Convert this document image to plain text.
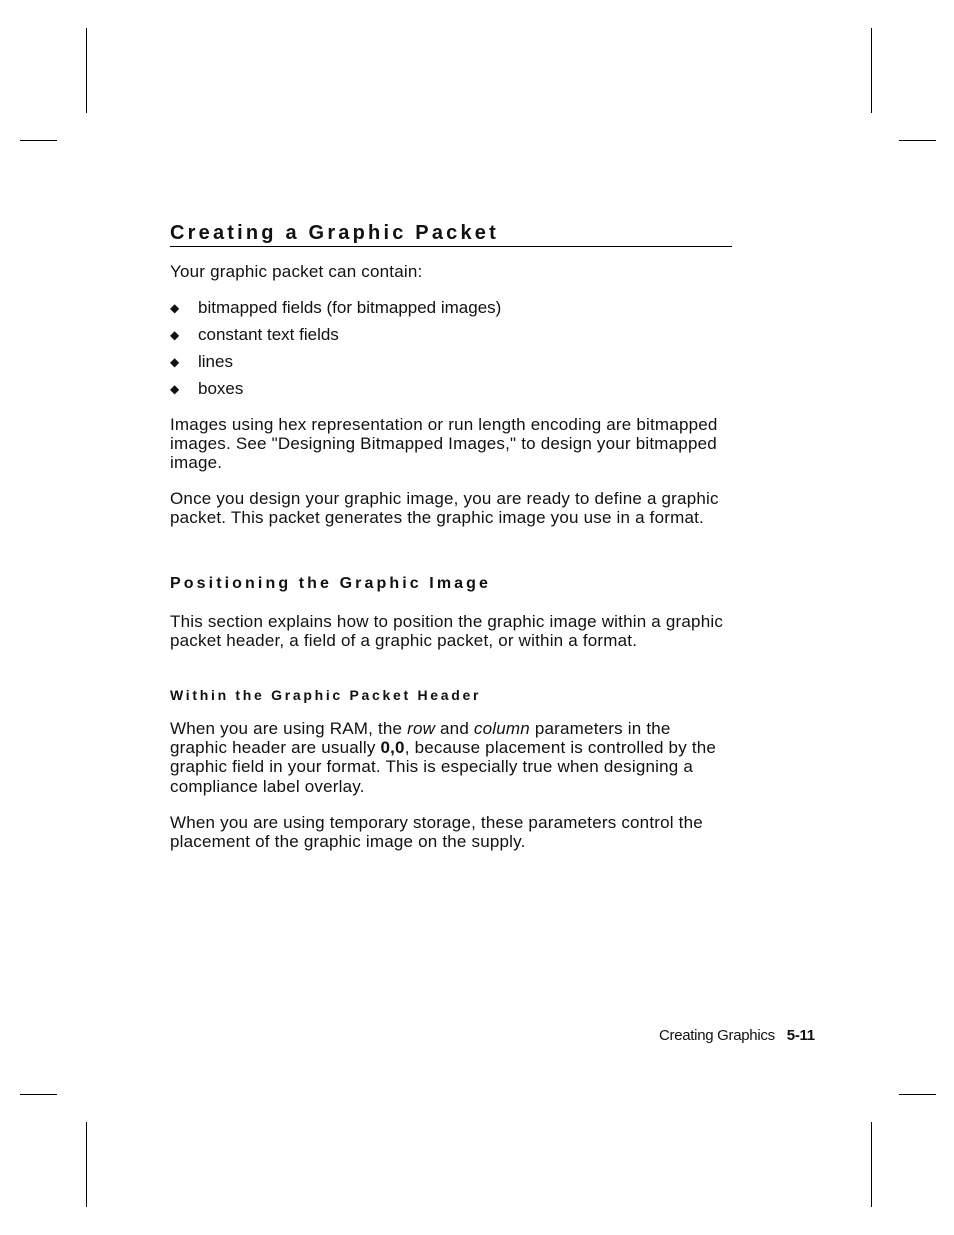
Creating a Graphic Packet

Your graphic packet can contain:

◆ bitmapped fields (for bitmapped images)
◆ constant text fields
◆ lines
◆ boxes

Images using hex representation or run length encoding are bitmapped images. See "Designing Bitmapped Images," to design your bitmapped image.

Once you design your graphic image, you are ready to define a graphic packet. This packet generates the graphic image you use in a format.

Positioning the Graphic Image

This section explains how to position the graphic image within a graphic packet header, a field of a graphic packet, or within a format.

Within the Graphic Packet Header

When you are using RAM, the row and column parameters in the graphic header are usually 0,0, because placement is controlled by the graphic field in your format. This is especially true when designing a compliance label overlay.

When you are using temporary storage, these parameters control the placement of the graphic image on the supply.

Creating Graphics 5-11
